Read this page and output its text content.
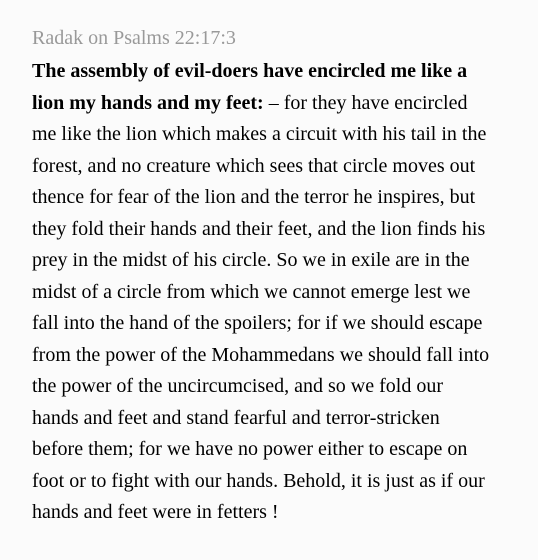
Radak on Psalms 22:17:3

The assembly of evil-doers have encircled me like a lion my hands and my feet: – for they have encircled me like the lion which makes a circuit with his tail in the forest, and no creature which sees that circle moves out thence for fear of the lion and the terror he inspires, but they fold their hands and their feet, and the lion finds his prey in the midst of his circle. So we in exile are in the midst of a circle from which we cannot emerge lest we fall into the hand of the spoilers; for if we should escape from the power of the Mohammedans we should fall into the power of the uncircumcised, and so we fold our hands and feet and stand fearful and terror-stricken before them; for we have no power either to escape on foot or to fight with our hands. Behold, it is just as if our hands and feet were in fetters !
